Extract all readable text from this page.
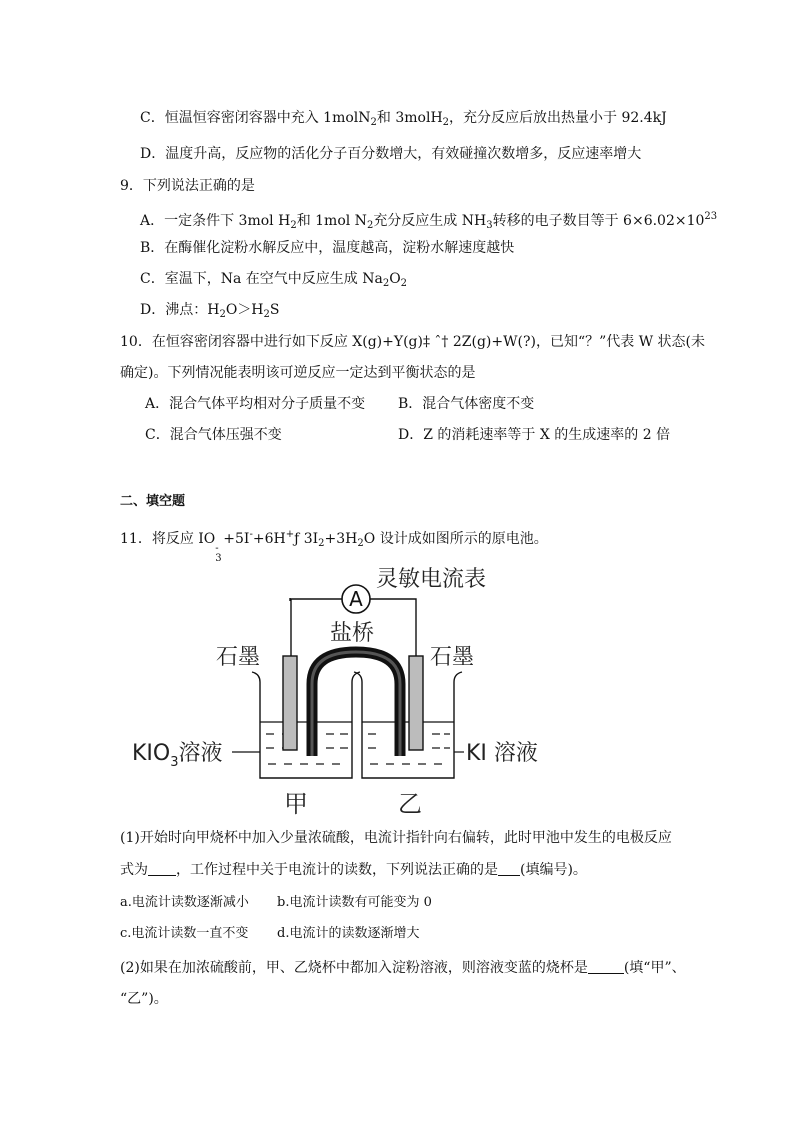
C．恒温恒容密闭容器中充入 1molN$_2$和 3molH$_2$，充分反应后放出热量小于 92.4kJ
D．温度升高，反应物的活化分子百分数增大，有效碰撞次数增多，反应速率增大
9．下列说法正确的是
A．一定条件下 3mol $H_2$和 1mol $N_2$充分反应生成 $NH_3$转移的电子数目等于 $6\times 6.02\times 10^{23}$
B．在酶催化淀粉水解反应中，温度越高，淀粉水解速度越快
C．室温下，Na 在空气中反应生成 $Na_2O_2$
D．沸点：$H_2O>H_2S$
10．在恒容密闭容器中进行如下反应 X(g)+Y(g)‡ ˆ† 2Z(g)+W(?)，已知“？”代表 W 状态(未
确定)。下列情况能表明该可逆反应一定达到平衡状态的是
A．混合气体平均相对分子质量不变 B．混合气体密度不变
C．混合气体压强不变	D．Z 的消耗速率等于 X 的生成速率的 2 倍
二、填空题
11．将反应 IO
-
3
+5I-+6H+ƒ $3I_2+3H_2O$ 设计成如图所示的原电池。
A
灵敏电流表
盐桥
石墨	石墨
$KIO_3$溶液	KI 溶液
甲	乙
(1)开始时向甲烧杯中加入少量浓硫酸，电流计指针向右偏转，此时甲池中发生的电极反应
式为 ，工作过程中关于电流计的读数，下列说法正确的是 (填编号)。
a.电流计读数逐渐减小 b.电流计读数有可能变为 0
c.电流计读数一直不变 d.电流计的读数逐渐增大
(2)如果在加浓硫酸前，甲、乙烧杯中都加入淀粉溶液，则溶液变蓝的烧杯是	(填“甲”、
“乙”)。
